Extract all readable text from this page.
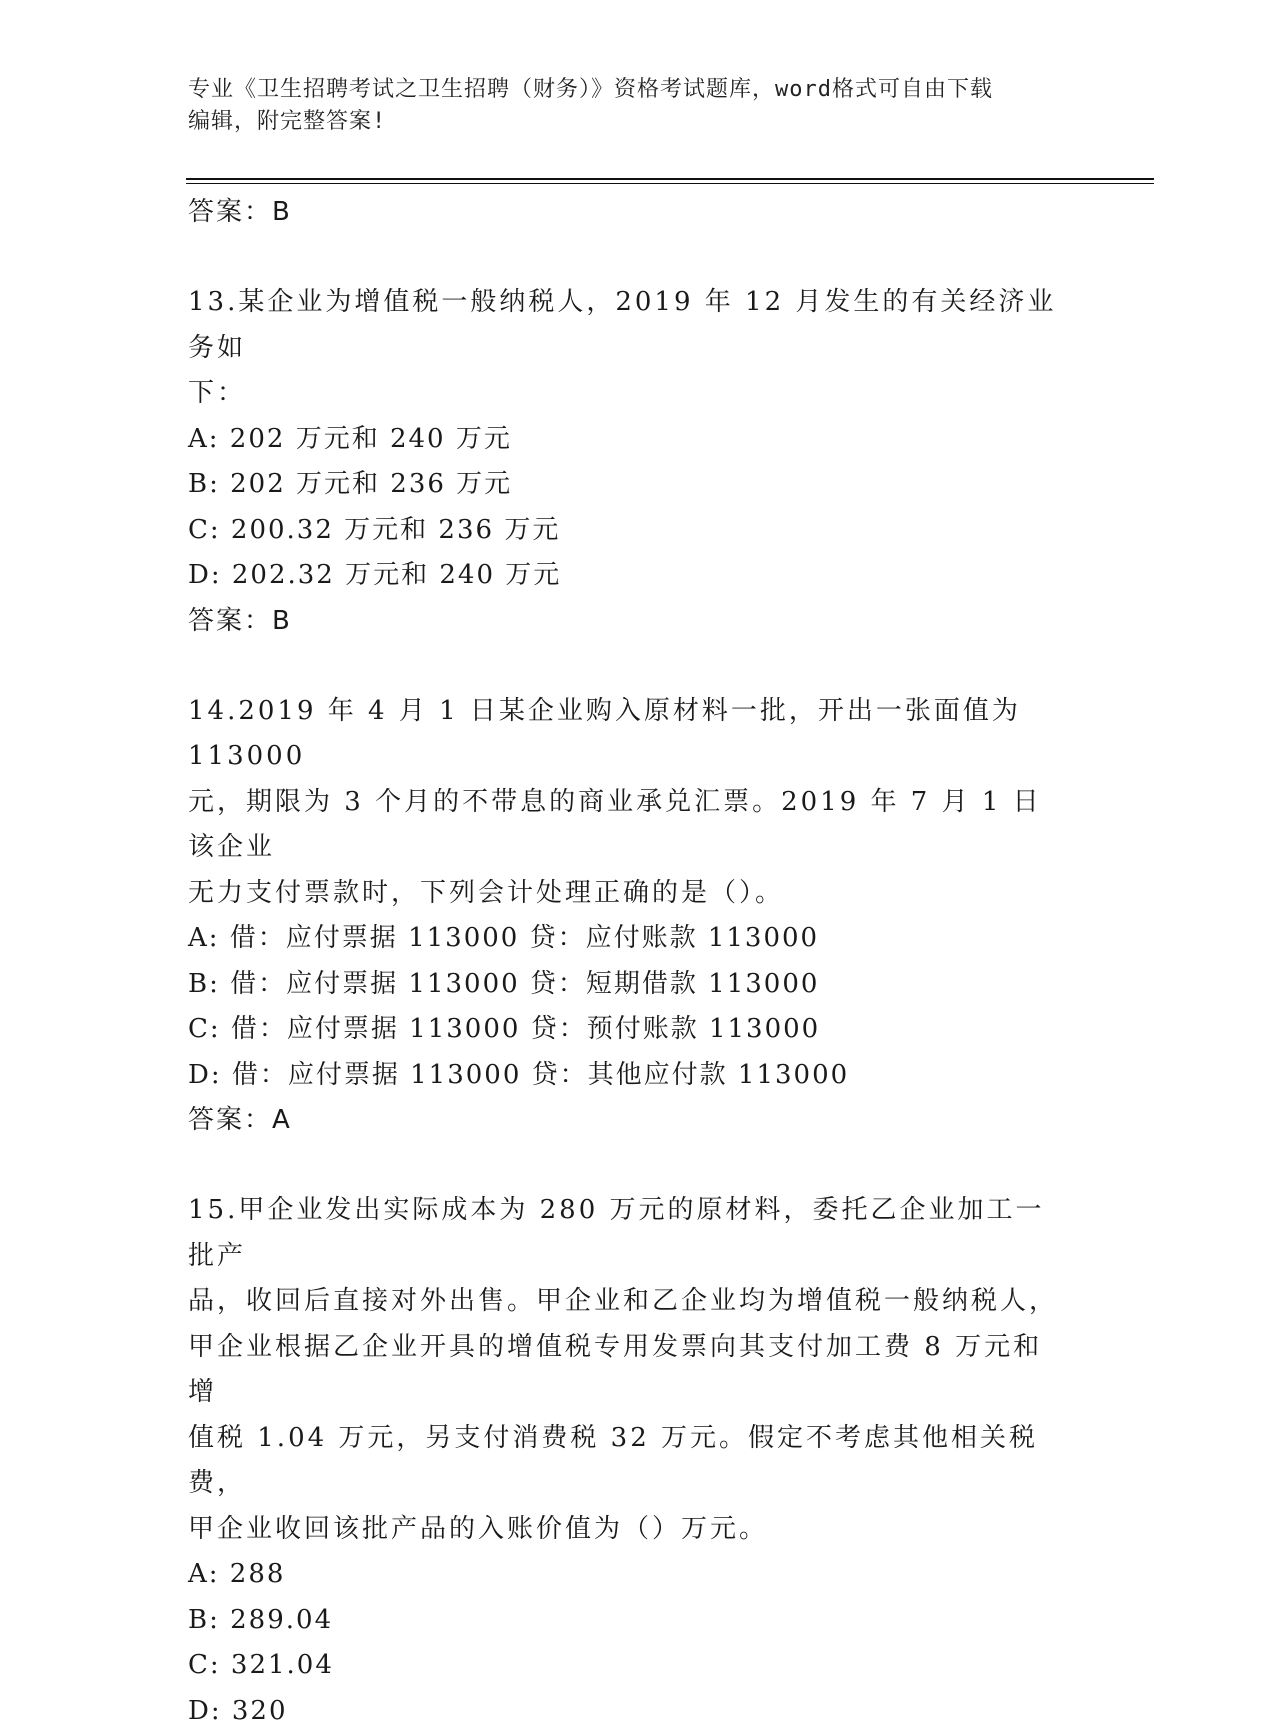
专业《卫生招聘考试之卫生招聘（财务）》资格考试题库，word格式可自由下载
编辑，附完整答案!
答案：B
13.某企业为增值税一般纳税人，2019 年 12 月发生的有关经济业务如
下：
A: 202 万元和 240 万元
B: 202 万元和 236 万元
C: 200.32 万元和 236 万元
D: 202.32 万元和 240 万元
答案：B
14.2019 年 4 月 1 日某企业购入原材料一批，开出一张面值为 113000
元，期限为 3 个月的不带息的商业承兑汇票。2019 年 7 月 1 日该企业
无力支付票款时，下列会计处理正确的是（）。
A: 借：应付票据 113000 贷：应付账款 113000
B: 借：应付票据 113000 贷：短期借款 113000
C: 借：应付票据 113000 贷：预付账款 113000
D: 借：应付票据 113000 贷：其他应付款 113000
答案：A
15.甲企业发出实际成本为 280 万元的原材料，委托乙企业加工一批产
品，收回后直接对外出售。甲企业和乙企业均为增值税一般纳税人，
甲企业根据乙企业开具的增值税专用发票向其支付加工费 8 万元和增
值税 1.04 万元，另支付消费税 32 万元。假定不考虑其他相关税费，
甲企业收回该批产品的入账价值为（）万元。
A: 288
B: 289.04
C: 321.04
D: 320
